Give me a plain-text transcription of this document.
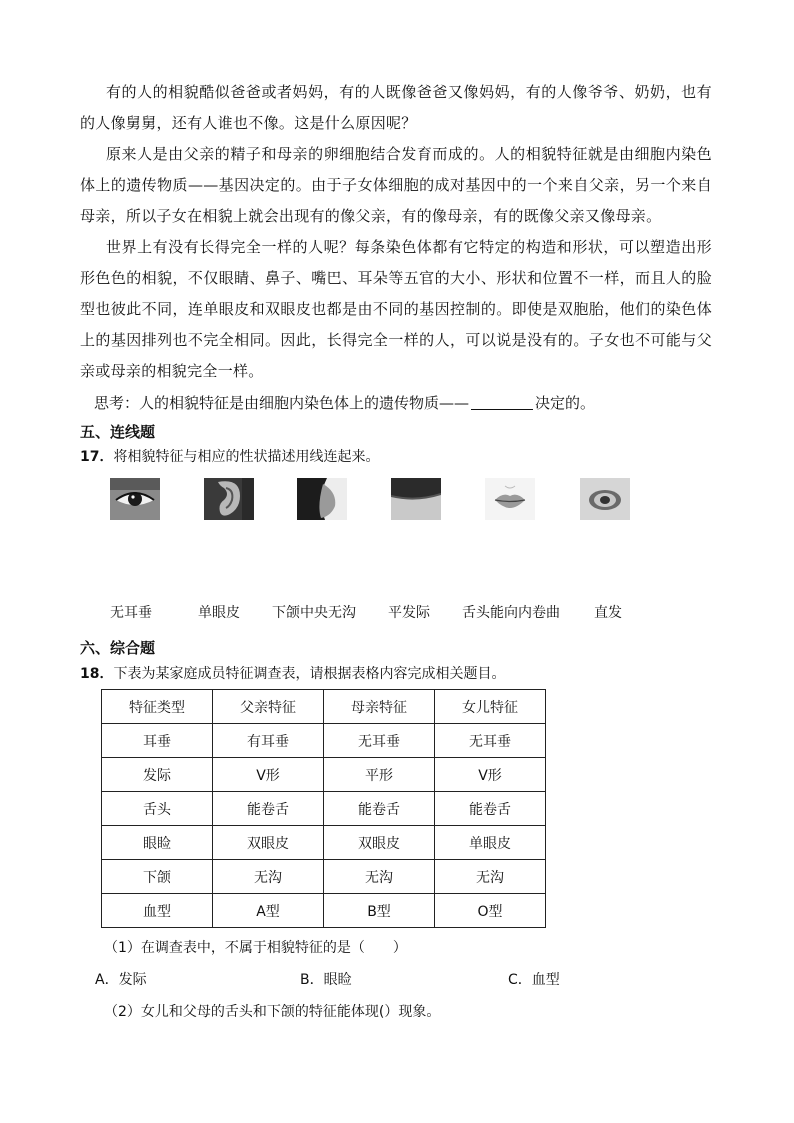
有的人的相貌酷似爸爸或者妈妈，有的人既像爸爸又像妈妈，有的人像爷爷、奶奶，也有的人像舅舅，还有人谁也不像。这是什么原因呢？

原来人是由父亲的精子和母亲的卵细胞结合发育而成的。人的相貌特征就是由细胞内染色体上的遗传物质——基因决定的。由于子女体细胞的成对基因中的一个来自父亲，另一个来自母亲，所以子女在相貌上就会出现有的像父亲，有的像母亲，有的既像父亲又像母亲。

世界上有没有长得完全一样的人呢？每条染色体都有它特定的构造和形状，可以塑造出形形色色的相貌，不仅眼睛、鼻子、嘴巴、耳朵等五官的大小、形状和位置不一样，而且人的脸型也彼此不同，连单眼皮和双眼皮也都是由不同的基因控制的。即使是双胞胎，他们的染色体上的基因排列也不完全相同。因此，长得完全一样的人，可以说是没有的。子女也不可能与父亲或母亲的相貌完全一样。

思考：人的相貌特征是由细胞内染色体上的遗传物质——	决定的。
五、连线题
17．将相貌特征与相应的性状描述用线连起来。
无耳垂	单眼皮 下颌中央无沟 平发际 舌头能向内卷曲 直发
六、综合题
18．下表为某家庭成员特征调查表，请根据表格内容完成相关题目。
特征类型	父亲特征	母亲特征	女儿特征
耳垂	有耳垂	无耳垂	无耳垂
发际	V形	平形	V形
舌头	能卷舌	能卷舌	能卷舌
眼睑	双眼皮	双眼皮	单眼皮
下颌	无沟	无沟	无沟
血型	A型	B型	O型
（1）在调查表中，不属于相貌特征的是（　　）
A．发际	B．眼睑	C．血型
（2）女儿和父母的舌头和下颌的特征能体现(）现象。
